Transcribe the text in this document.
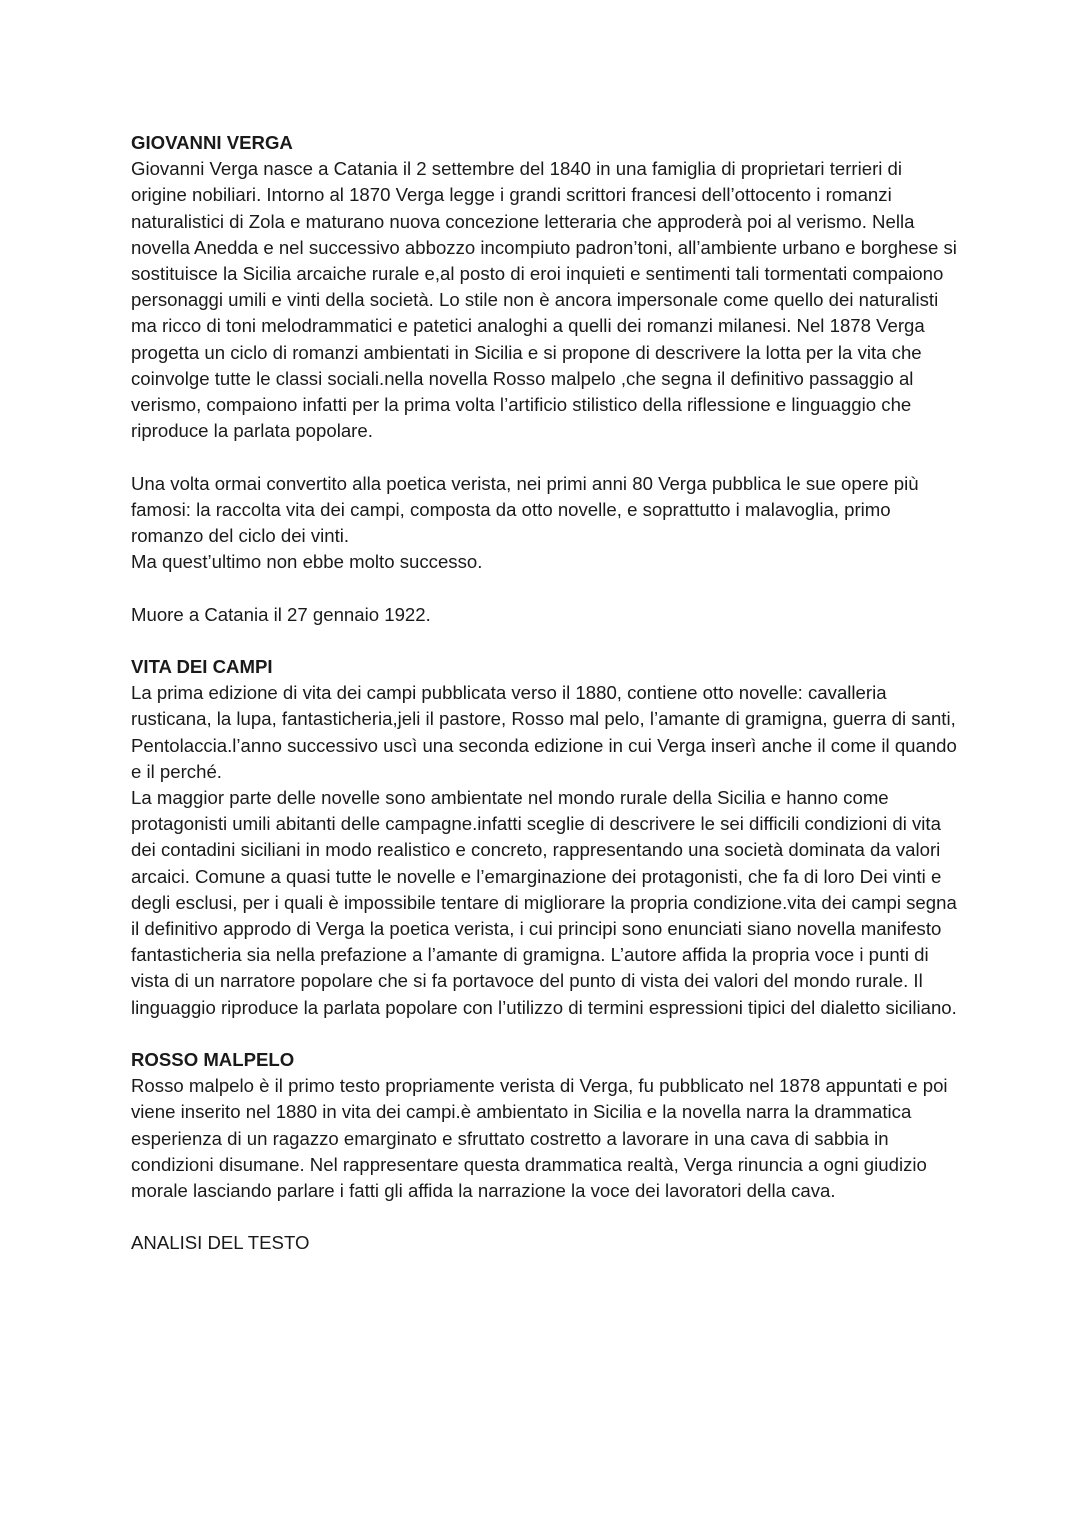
GIOVANNI VERGA

Giovanni Verga nasce a Catania il 2 settembre del 1840 in una famiglia di proprietari terrieri di origine nobiliari. Intorno al 1870 Verga legge i grandi scrittori francesi dell’ottocento i romanzi naturalistici di Zola e maturano nuova concezione letteraria che approderà poi al verismo. Nella novella Anedda e nel successivo abbozzo incompiuto padron’toni, all’ambiente urbano e borghese si sostituisce la Sicilia arcaiche rurale e,al posto di eroi inquieti e sentimenti tali tormentati compaiono personaggi umili e vinti della società. Lo stile non è ancora impersonale come quello dei naturalisti ma ricco di toni melodrammatici e patetici analoghi a quelli dei romanzi milanesi. Nel 1878 Verga progetta un ciclo di romanzi ambientati in Sicilia e si propone di descrivere la lotta per la vita che coinvolge tutte le classi sociali.nella novella Rosso malpelo ,che segna il definitivo passaggio al verismo, compaiono infatti per la prima volta l’artificio stilistico della riflessione e linguaggio che riproduce la parlata popolare.

Una volta ormai convertito alla poetica verista, nei primi anni 80 Verga pubblica le sue opere più famosi: la raccolta vita dei campi, composta da otto novelle, e soprattutto i malavoglia, primo romanzo del ciclo dei vinti.

Ma quest’ultimo non ebbe molto successo.

Muore a Catania il 27 gennaio 1922.

VITA DEI CAMPI

La prima edizione di vita dei campi pubblicata verso il 1880, contiene otto novelle: cavalleria rusticana, la lupa, fantasticheria,jeli il pastore, Rosso mal pelo, l’amante di gramigna, guerra di santi, Pentolaccia.l’anno successivo uscì una seconda edizione in cui Verga inserì anche il come il quando e il perché.

La maggior parte delle novelle sono ambientate nel mondo rurale della Sicilia e hanno come protagonisti umili abitanti delle campagne.infatti sceglie di descrivere le sei difficili condizioni di vita dei contadini siciliani in modo realistico e concreto, rappresentando una società dominata da valori arcaici. Comune a quasi tutte le novelle e l’emarginazione dei protagonisti, che fa di loro Dei vinti e degli esclusi, per i quali è impossibile tentare di migliorare la propria condizione.vita dei campi segna il definitivo approdo di Verga la poetica verista, i cui principi sono enunciati siano novella manifesto fantasticheria sia nella prefazione a l’amante di gramigna. L’autore affida la propria voce i punti di vista di un narratore popolare che si fa portavoce del punto di vista dei valori del mondo rurale. Il linguaggio riproduce la parlata popolare con l’utilizzo di termini espressioni tipici del dialetto siciliano.

ROSSO MALPELO

Rosso malpelo è il primo testo propriamente verista di Verga, fu pubblicato nel 1878 appuntati e poi viene inserito nel 1880 in vita dei campi.è ambientato in Sicilia e la novella narra la drammatica esperienza di un ragazzo emarginato e sfruttato costretto a lavorare in una cava di sabbia in condizioni disumane. Nel rappresentare questa drammatica realtà, Verga rinuncia a ogni giudizio morale lasciando parlare i fatti gli affida la narrazione la voce dei lavoratori della cava.

ANALISI DEL TESTO
